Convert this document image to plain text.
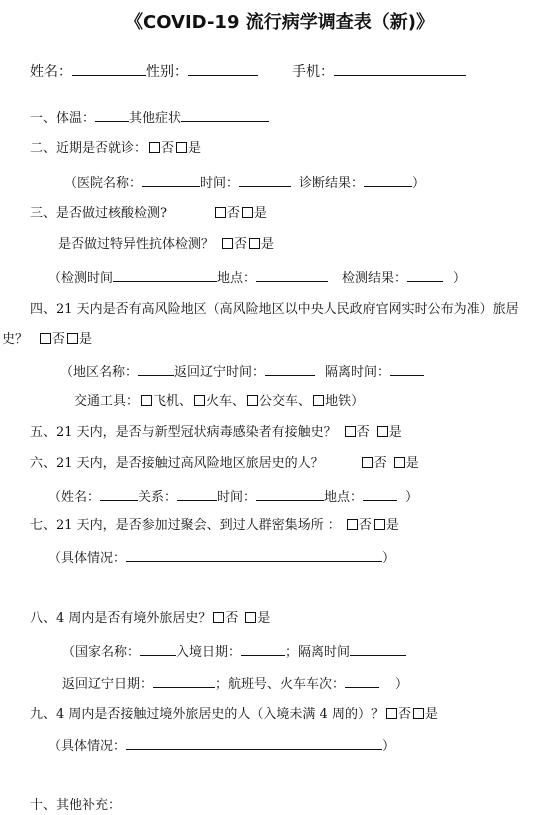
《COVID-19 流行病学调查表（新)》
姓名：	性别：	手机：
一、体温：	其他症状
二、近期是否就诊： 否 是
（医院名称：	时间：	诊断结果：	）
三、是否做过核酸检测?	否 是
是否做过特异性抗体检测？ 否 是
（检测时间	地点：	检测结果：	）
四、21 天内是否有高风险地区（高风险地区以中央人民政府官网实时公布为准）旅居
史？ 否 是
（地区名称：	返回辽宁时间：	隔离时间：
交通工具： 飞机、 火车、 公交车、 地铁）
五、21 天内，是否与新型冠状病毒感染者有接触史？ 否 是
六、21 天内，是否接触过高风险地区旅居史的人？	否 是
（姓名：	关系：	时间：	地点：	）
七、21 天内，是否参加过聚会、到过人群密集场所 ： 否 是
（具体情况：	）
八、4 周内是否有境外旅居史？ 否 是
（国家名称：	入境日期：	；隔离时间
返回辽宁日期：	；航班号、火车车次：	）
九、4 周内是否接触过境外旅居史的人（入境未满 4 周的）？ 否 是
（具体情况：	）
十、其他补充：
